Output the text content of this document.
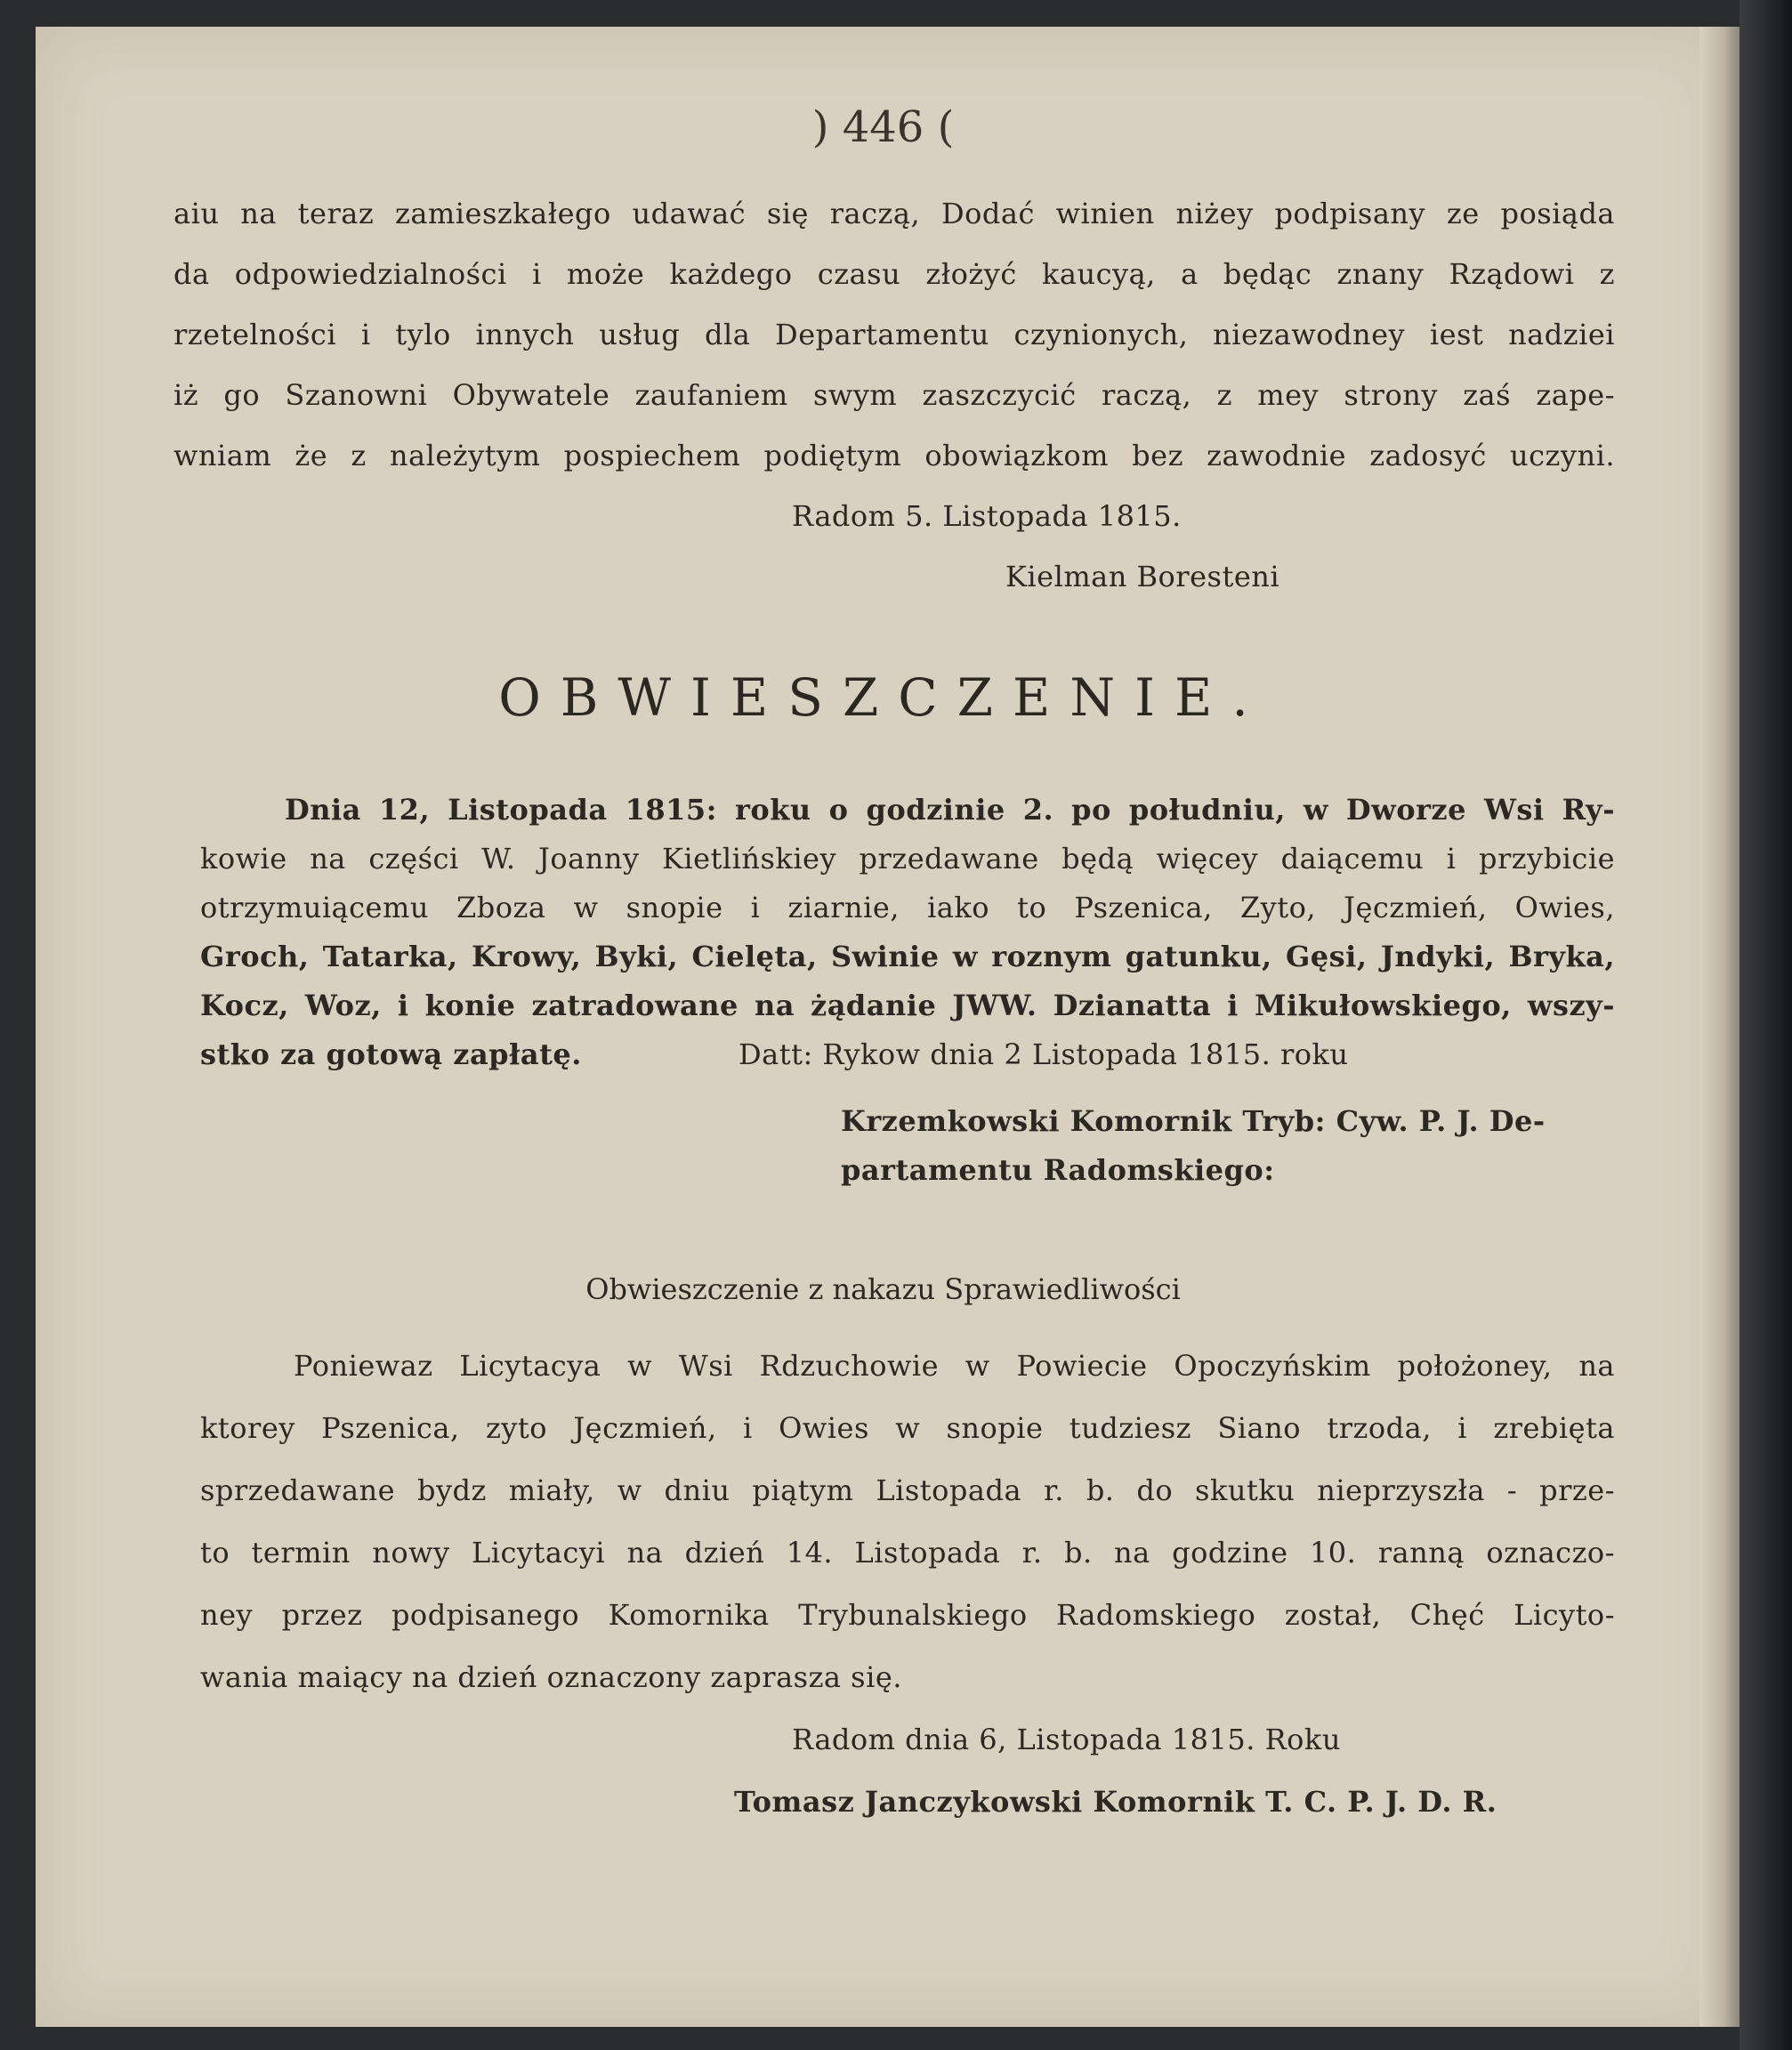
) 446 (
aiu na teraz zamieszkałego udawać się raczą, Dodać winien niżey podpisany ze posiąda
da odpowiedzialności i może każdego czasu złożyć kaucyą, a będąc znany Rządowi z
rzetelności i tylo innych usług dla Departamentu czynionych, niezawodney iest nadziei
iż go Szanowni Obywatele zaufaniem swym zaszczycić raczą, z mey strony zaś zape-
wniam że z należytym pospiechem podiętym obowiązkom bez zawodnie zadosyć uczyni.
Radom 5. Listopada 1815.
Kielman Boresteni
OBWIESZCZENIE.
Dnia 12, Listopada 1815: roku o godzinie 2. po południu, w Dworze Wsi Ry-
kowie na części W. Joanny Kietlińskiey przedawane będą więcey daiącemu i przybicie
otrzymuiącemu Zboza w snopie i ziarnie, iako to Pszenica, Zyto, Jęczmień, Owies,
Groch, Tatarka, Krowy, Byki, Cielęta, Swinie w roznym gatunku, Gęsi, Jndyki, Bryka,
Kocz, Woz, i konie zatradowane na żądanie JWW. Dzianatta i Mikułowskiego, wszy-
stko za gotową zapłatę.	Datt: Rykow dnia 2 Listopada 1815. roku
Krzemkowski Komornik Tryb: Cyw. P. J. De-
partamentu Radomskiego:
Obwieszczenie z nakazu Sprawiedliwości
Poniewaz Licytacya w Wsi Rdzuchowie w Powiecie Opoczyńskim położoney, na
ktorey Pszenica, zyto Jęczmień, i Owies w snopie tudziesz Siano trzoda, i zrebięta
sprzedawane bydz miały, w dniu piątym Listopada r. b. do skutku nieprzyszła - prze-
to termin nowy Licytacyi na dzień 14. Listopada r. b. na godzine 10. ranną oznaczo-
ney przez podpisanego Komornika Trybunalskiego Radomskiego został, Chęć Licyto-
wania maiący na dzień oznaczony zaprasza się.
Radom dnia 6, Listopada 1815. Roku
Tomasz Janczykowski Komornik T. C. P. J. D. R.
